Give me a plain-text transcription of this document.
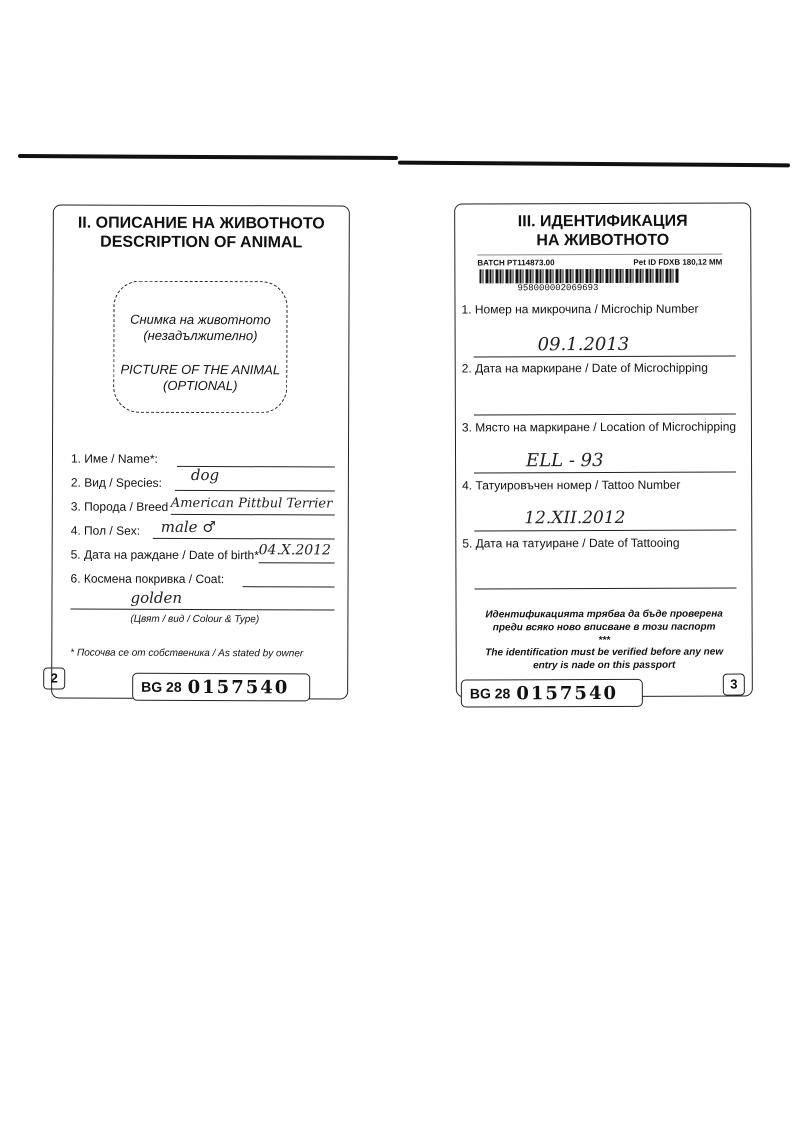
II. ОПИСАНИЕ НА ЖИВОТНОТО
DESCRIPTION OF ANIMAL
Снимка на животното
(незадължително)
PICTURE OF THE ANIMAL
(OPTIONAL)
1. Име / Name*:
2. Вид / Species: dog
3. Порода / Breed American Pittbul Terrier
4. Пол / Sex: male ♂
5. Дата на раждане / Date of birth* 04.X.2012
6. Космена покривка / Coat:
golden
(Цвят / вид / Colour & Type)
* Посочва се от собственика / As stated by owner
2
BG 28 0157540
III. ИДЕНТИФИКАЦИЯ
НА ЖИВОТНОТО
BATCH PT114873.00	Pet ID FDXB 180,12 MM
958000002069693
1. Номер на микрочипа / Microchip Number
09.1.2013
2. Дата на маркиране / Date of Microchipping
3. Място на маркиране / Location of Microchipping
ELL - 93
4. Татуировъчен номер / Tattoo Number
12.XII.2012
5. Дата на татуиране / Date of Tattooing
Идентификацията трябва да бъде проверена преди всяко ново вписване в този паспорт
***
The identification must be verified before any new entry is nade on this passport
BG 28 0157540	3
